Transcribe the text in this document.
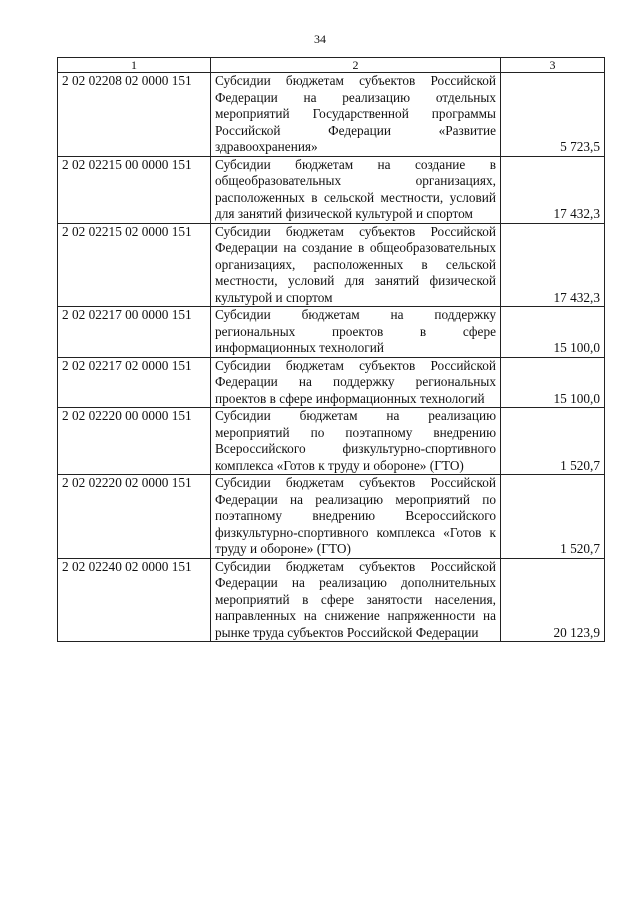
34
1	2	3
2 02 02208 02 0000 151	Субсидии бюджетам субъектов Российской Федерации на реализацию отдельных мероприятий Государственной программы Российской Федерации «Развитие здравоохранения»	5 723,5
2 02 02215 00 0000 151	Субсидии бюджетам на создание в общеобразовательных организациях, расположенных в сельской местности, условий для занятий физической культурой и спортом	17 432,3
2 02 02215 02 0000 151	Субсидии бюджетам субъектов Российской Федерации на создание в общеобразовательных организациях, расположенных в сельской местности, условий для занятий физической культурой и спортом	17 432,3
2 02 02217 00 0000 151	Субсидии бюджетам на поддержку региональных проектов в сфере информационных технологий	15 100,0
2 02 02217 02 0000 151	Субсидии бюджетам субъектов Российской Федерации на поддержку региональных проектов в сфере информационных технологий	15 100,0
2 02 02220 00 0000 151	Субсидии бюджетам на реализацию мероприятий по поэтапному внедрению Всероссийского физкультурно-спортивного комплекса «Готов к труду и обороне» (ГТО)	1 520,7
2 02 02220 02 0000 151	Субсидии бюджетам субъектов Российской Федерации на реализацию мероприятий по поэтапному внедрению Всероссийского физкультурно-спортивного комплекса «Готов к труду и обороне» (ГТО)	1 520,7
2 02 02240 02 0000 151	Субсидии бюджетам субъектов Российской Федерации на реализацию дополнительных мероприятий в сфере занятости населения, направленных на снижение напряженности на рынке труда субъектов Российской Федерации	20 123,9
